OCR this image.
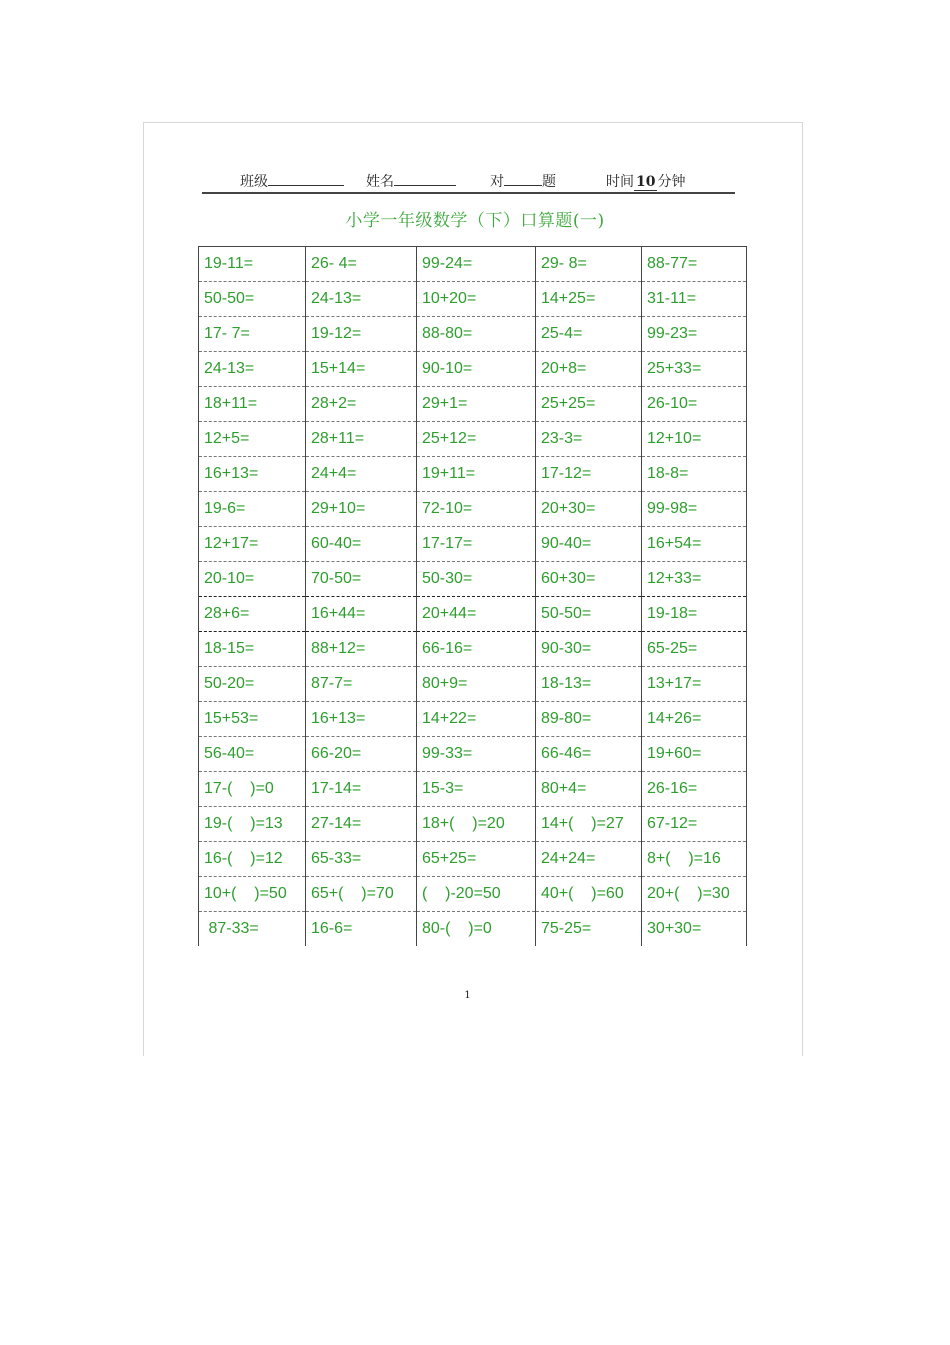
班级	姓名	对	题	时间 10 分钟
小学一年级数学（下）口算题(一)
19-11=	26- 4=	99-24=	29- 8=	88-77=
50-50=	24-13=	10+20=	14+25=	31-11=
17- 7=	19-12=	88-80=	25-4=	99-23=
24-13=	15+14=	90-10=	20+8=	25+33=
18+11=	28+2=	29+1=	25+25=	26-10=
12+5=	28+11=	25+12=	23-3=	12+10=
16+13=	24+4=	19+11=	17-12=	18-8=
19-6=	29+10=	72-10=	20+30=	99-98=
12+17=	60-40=	17-17=	90-40=	16+54=
20-10=	70-50=	50-30=	60+30=	12+33=
28+6=	16+44=	20+44=	50-50=	19-18=
18-15=	88+12=	66-16=	90-30=	65-25=
50-20=	87-7=	80+9=	18-13=	13+17=
15+53=	16+13=	14+22=	89-80=	14+26=
56-40=	66-20=	99-33=	66-46=	19+60=
17-(    )=0	17-14=	15-3=	80+4=	26-16=
19-(    )=13	27-14=	18+(    )=20	14+(    )=27	67-12=
16-(    )=12	65-33=	65+25=	24+24=	8+(    )=16
10+(    )=50	65+(    )=70	(    )-20=50	40+(    )=60	20+(    )=30
87-33=	16-6=	80-(    )=0	75-25=	30+30=
1
